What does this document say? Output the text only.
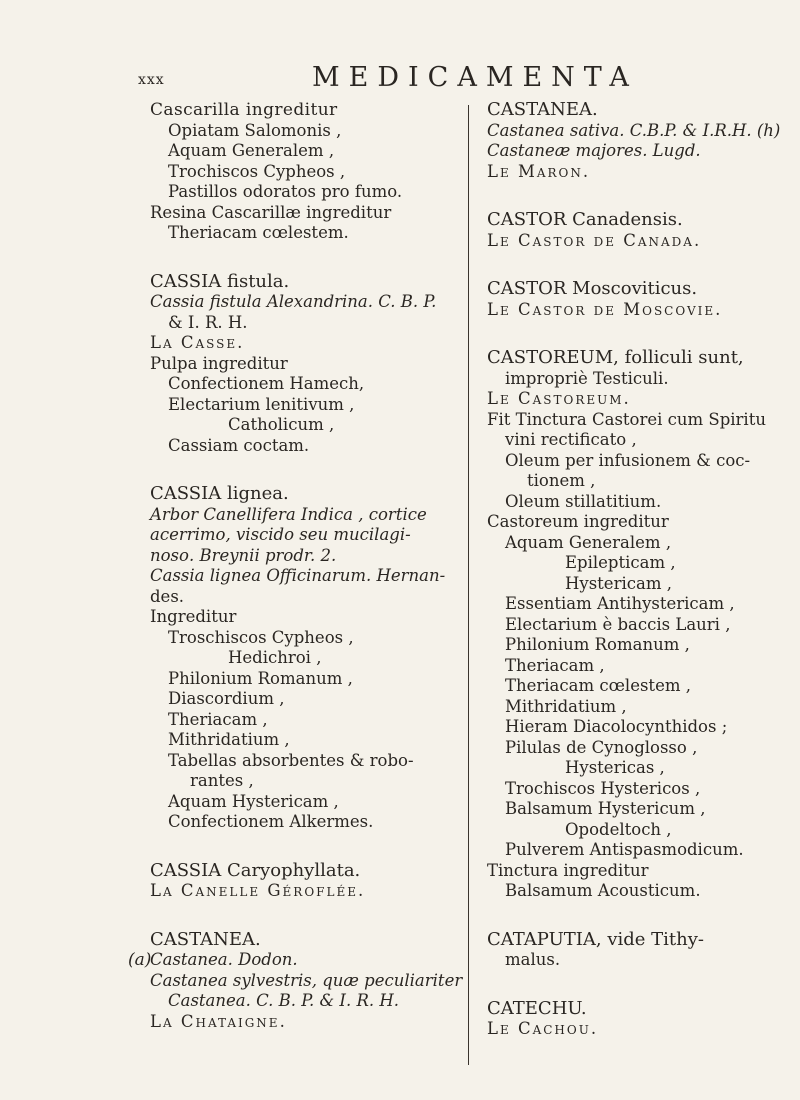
xxx	MEDICAMENTA
Cascarilla ingreditur
Opiatam Salomonis ,
Aquam Generalem ,
Trochiscos Cypheos ,
Pastillos odoratos pro fumo.
Resina Cascarillæ ingreditur
Theriacam cœlestem.
CASSIA fistula.
Cassia fistula Alexandrina. C. B. P.
& I. R. H.
La Casse.
Pulpa ingreditur
Confectionem Hamech,
Electarium lenitivum ,
Catholicum ,
Cassiam coctam.
CASSIA lignea.
Arbor Canellifera Indica , cortice
acerrimo, viscido seu mucilagi-
nosо. Breynii prodr. 2.
Cassia lignea Officinarum. Hernan-
des.
Ingreditur
Troschiscos Cypheos ,
Hedichroi ,
Philonium Romanum ,
Diascordium ,
Theriacam ,
Mithridatium ,
Tabellas absorbentes & robo-
rantes ,
Aquam Hystericam ,
Confectionem Alkermes.
CASSIA Caryophyllata.
La Canelle Géroflée.
CASTANEA.
Castanea. Dodon.
(a)
Castanea sylvestris, quæ peculiariter
Castanea. C. B. P. & I. R. H.
La Chataigne.
CASTANEA.
Castanea sativa. C.B.P. & I.R.H. (h)
Castaneæ majores. Lugd.
Le Maron.
CASTOR Canadensis.
Le Castor de Canada.
CASTOR Moscoviticus.
Le Castor de Moscovie.
CASTOREUM, folliculi sunt,
impropriè Testiculi.
Le Castoreum.
Fit Tinctura Castorei cum Spiritu
vini rectificato ,
Oleum per infusionem & coc-
tionem ,
Oleum stillatitium.
Castoreum ingreditur
Aquam Generalem ,
Epilepticam ,
Hystericam ,
Essentiam Antihystericam ,
Electarium è baccis Lauri ,
Philonium Romanum ,
Theriacam ,
Theriacam cœlestem ,
Mithridatium ,
Hieram Diacolocynthidos ;
Pilulas de Cynoglosso ,
Hystericas ,
Trochiscos Hystericos ,
Balsamum Hystericum ,
Opodeltoch ,
Pulverem Antispasmodicum.
Tinctura ingreditur
Balsamum Acousticum.
CATAPUTIA, vide Tithy-
malus.
CATECHU.
Le Cachou.
